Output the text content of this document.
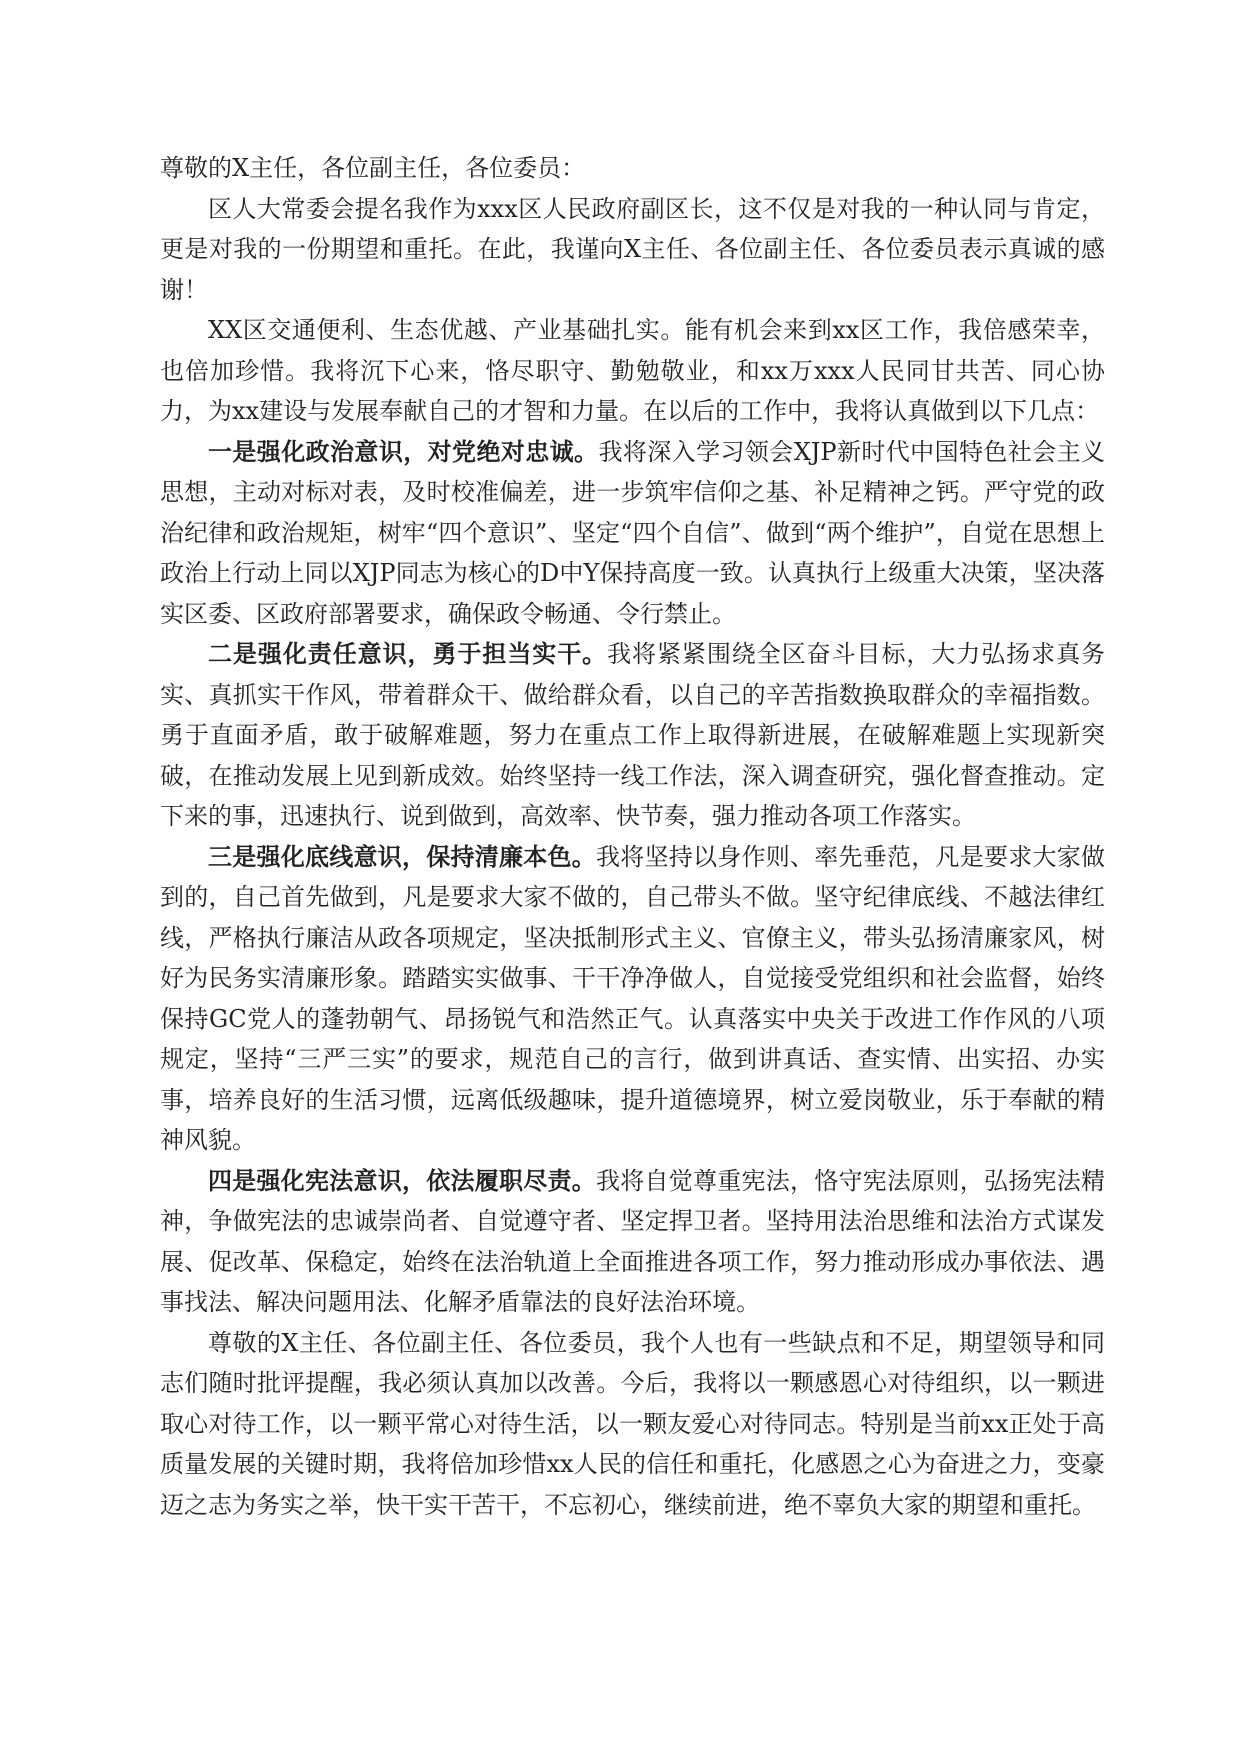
尊敬的X主任，各位副主任，各位委员：

区人大常委会提名我作为xxx区人民政府副区长，这不仅是对我的一种认同与肯定，更是对我的一份期望和重托。在此，我谨向X主任、各位副主任、各位委员表示真诚的感谢！

XX区交通便利、生态优越、产业基础扎实。能有机会来到xx区工作，我倍感荣幸，也倍加珍惜。我将沉下心来，恪尽职守、勤勉敬业，和xx万xxx人民同甘共苦、同心协力，为xx建设与发展奉献自己的才智和力量。在以后的工作中，我将认真做到以下几点：

一是强化政治意识，对党绝对忠诚。我将深入学习领会XJP新时代中国特色社会主义思想，主动对标对表，及时校准偏差，进一步筑牢信仰之基、补足精神之钙。严守党的政治纪律和政治规矩，树牢“四个意识”、坚定“四个自信”、做到“两个维护”，自觉在思想上政治上行动上同以XJP同志为核心的D中Y保持高度一致。认真执行上级重大决策，坚决落实区委、区政府部署要求，确保政令畅通、令行禁止。

二是强化责任意识，勇于担当实干。我将紧紧围绕全区奋斗目标，大力弘扬求真务实、真抓实干作风，带着群众干、做给群众看，以自己的辛苦指数换取群众的幸福指数。勇于直面矛盾，敢于破解难题，努力在重点工作上取得新进展，在破解难题上实现新突破，在推动发展上见到新成效。始终坚持一线工作法，深入调查研究，强化督查推动。定下来的事，迅速执行、说到做到，高效率、快节奏，强力推动各项工作落实。

三是强化底线意识，保持清廉本色。我将坚持以身作则、率先垂范，凡是要求大家做到的，自己首先做到，凡是要求大家不做的，自己带头不做。坚守纪律底线、不越法律红线，严格执行廉洁从政各项规定，坚决抵制形式主义、官僚主义，带头弘扬清廉家风，树好为民务实清廉形象。踏踏实实做事、干干净净做人，自觉接受党组织和社会监督，始终保持GC党人的蓬勃朝气、昂扬锐气和浩然正气。认真落实中央关于改进工作作风的八项规定，坚持“三严三实”的要求，规范自己的言行，做到讲真话、查实情、出实招、办实事，培养良好的生活习惯，远离低级趣味，提升道德境界，树立爱岗敬业，乐于奉献的精神风貌。

四是强化宪法意识，依法履职尽责。我将自觉尊重宪法，恪守宪法原则，弘扬宪法精神，争做宪法的忠诚崇尚者、自觉遵守者、坚定捍卫者。坚持用法治思维和法治方式谋发展、促改革、保稳定，始终在法治轨道上全面推进各项工作，努力推动形成办事依法、遇事找法、解决问题用法、化解矛盾靠法的良好法治环境。

尊敬的X主任、各位副主任、各位委员，我个人也有一些缺点和不足，期望领导和同志们随时批评提醒，我必须认真加以改善。今后，我将以一颗感恩心对待组织，以一颗进取心对待工作，以一颗平常心对待生活，以一颗友爱心对待同志。特别是当前xx正处于高质量发展的关键时期，我将倍加珍惜xx人民的信任和重托，化感恩之心为奋进之力，变豪迈之志为务实之举，快干实干苦干，不忘初心，继续前进，绝不辜负大家的期望和重托。
